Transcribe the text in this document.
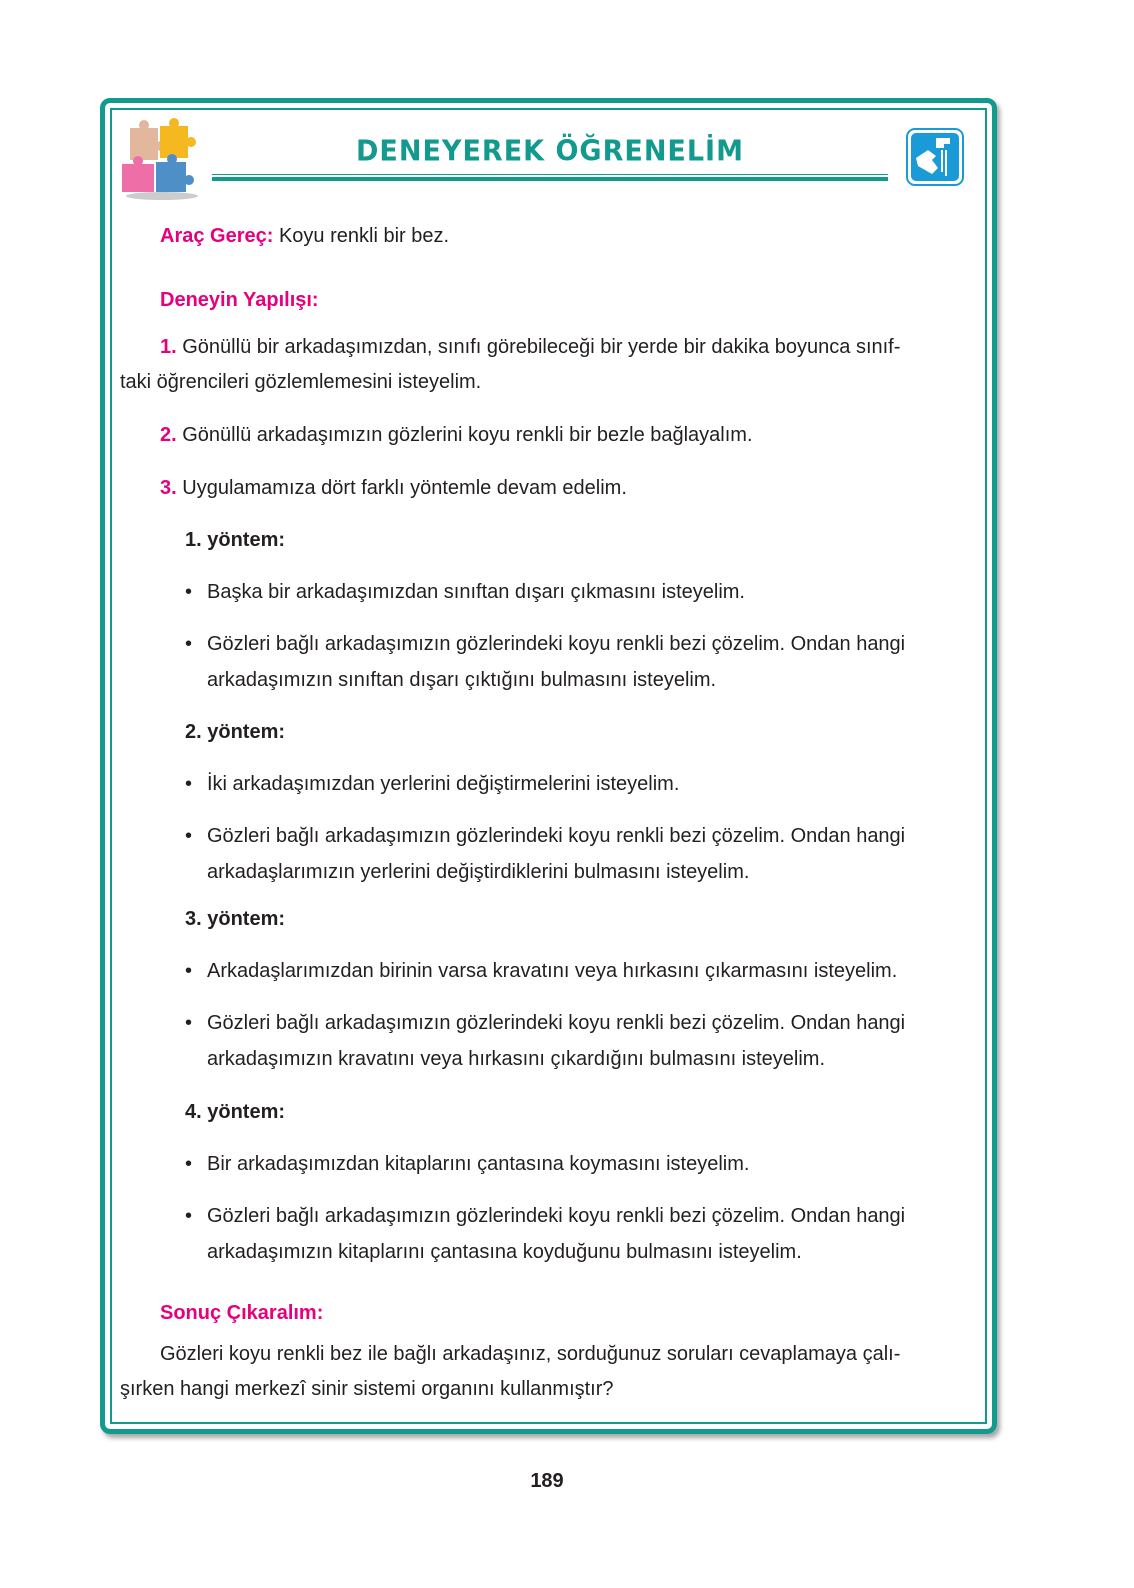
DENEYEREK ÖĞRENELİM
Araç Gereç: Koyu renkli bir bez.
Deneyin Yapılışı:
1. Gönüllü bir arkadaşımızdan, sınıfı görebileceği bir yerde bir dakika boyunca sınıf-
taki öğrencileri gözlemlemesini isteyelim.
2. Gönüllü arkadaşımızın gözlerini koyu renkli bir bezle bağlayalım.
3. Uygulamamıza dört farklı yöntemle devam edelim.
1. yöntem:
• Başka bir arkadaşımızdan sınıftan dışarı çıkmasını isteyelim.
• Gözleri bağlı arkadaşımızın gözlerindeki koyu renkli bezi çözelim. Ondan hangi
arkadaşımızın sınıftan dışarı çıktığını bulmasını isteyelim.
2. yöntem:
• İki arkadaşımızdan yerlerini değiştirmelerini isteyelim.
• Gözleri bağlı arkadaşımızın gözlerindeki koyu renkli bezi çözelim. Ondan hangi
arkadaşlarımızın yerlerini değiştirdiklerini bulmasını isteyelim.
3. yöntem:
• Arkadaşlarımızdan birinin varsa kravatını veya hırkasını çıkarmasını isteyelim.
• Gözleri bağlı arkadaşımızın gözlerindeki koyu renkli bezi çözelim. Ondan hangi
arkadaşımızın kravatını veya hırkasını çıkardığını bulmasını isteyelim.
4. yöntem:
• Bir arkadaşımızdan kitaplarını çantasına koymasını isteyelim.
• Gözleri bağlı arkadaşımızın gözlerindeki koyu renkli bezi çözelim. Ondan hangi
arkadaşımızın kitaplarını çantasına koyduğunu bulmasını isteyelim.
Sonuç Çıkaralım:
Gözleri koyu renkli bez ile bağlı arkadaşınız, sorduğunuz soruları cevaplamaya çalı-
şırken hangi merkezî sinir sistemi organını kullanmıştır?
189
